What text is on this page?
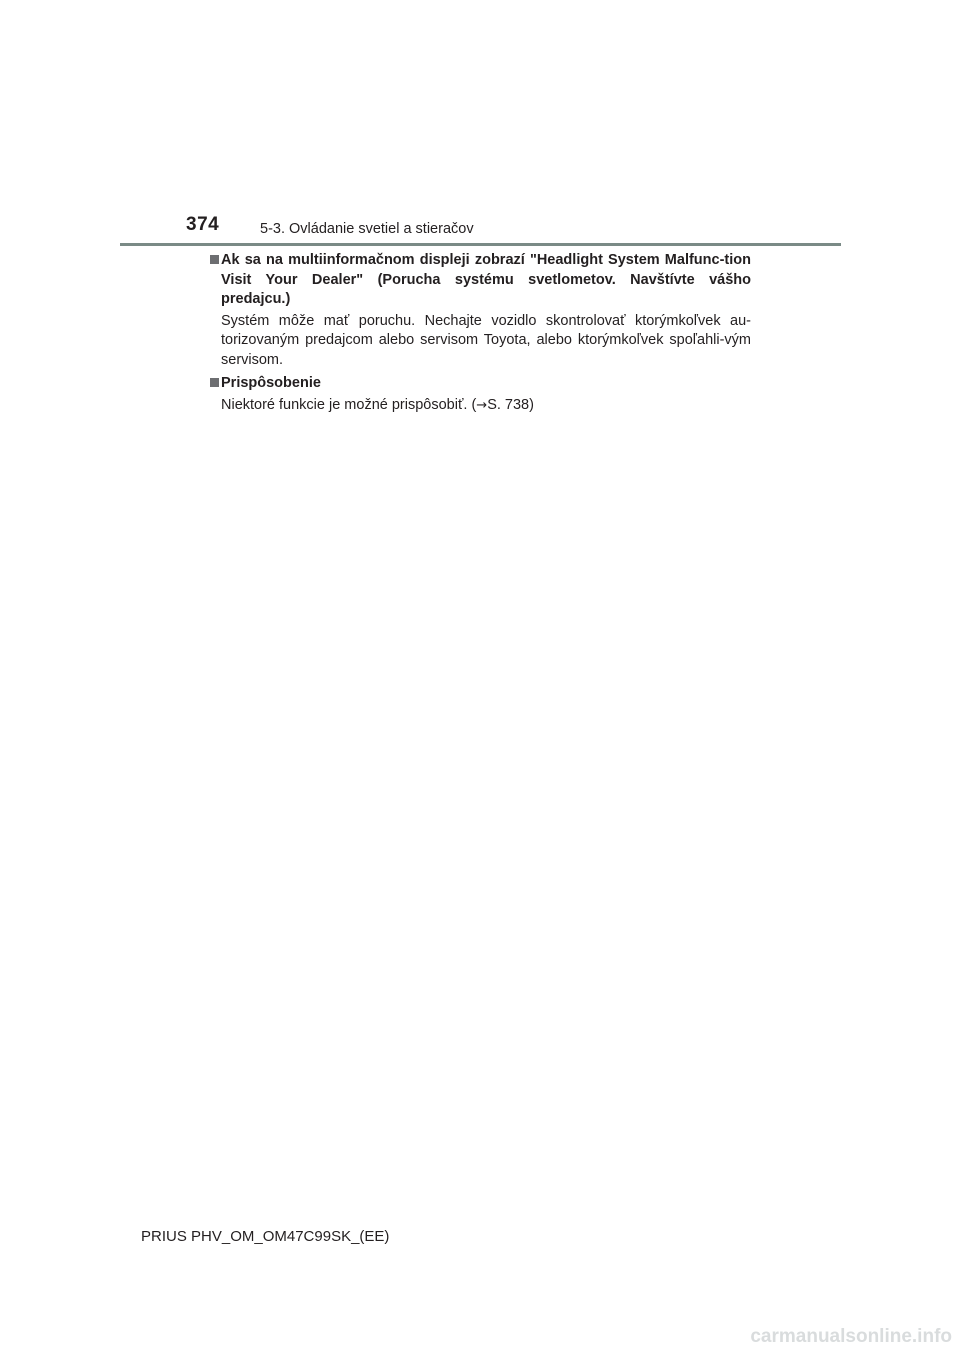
374	5-3. Ovládanie svetiel a stieračov
Ak sa na multiinformačnom displeji zobrazí "Headlight System Malfunc-tion Visit Your Dealer" (Porucha systému svetlometov. Navštívte vášho predajcu.)
Systém môže mať poruchu. Nechajte vozidlo skontrolovať ktorýmkoľvek au-torizovaným predajcom alebo servisom Toyota, alebo ktorýmkoľvek spoľahli-vým servisom.
Prispôsobenie
Niektoré funkcie je možné prispôsobiť. (→S. 738)
PRIUS PHV_OM_OM47C99SK_(EE)
carmanualsonline.info
